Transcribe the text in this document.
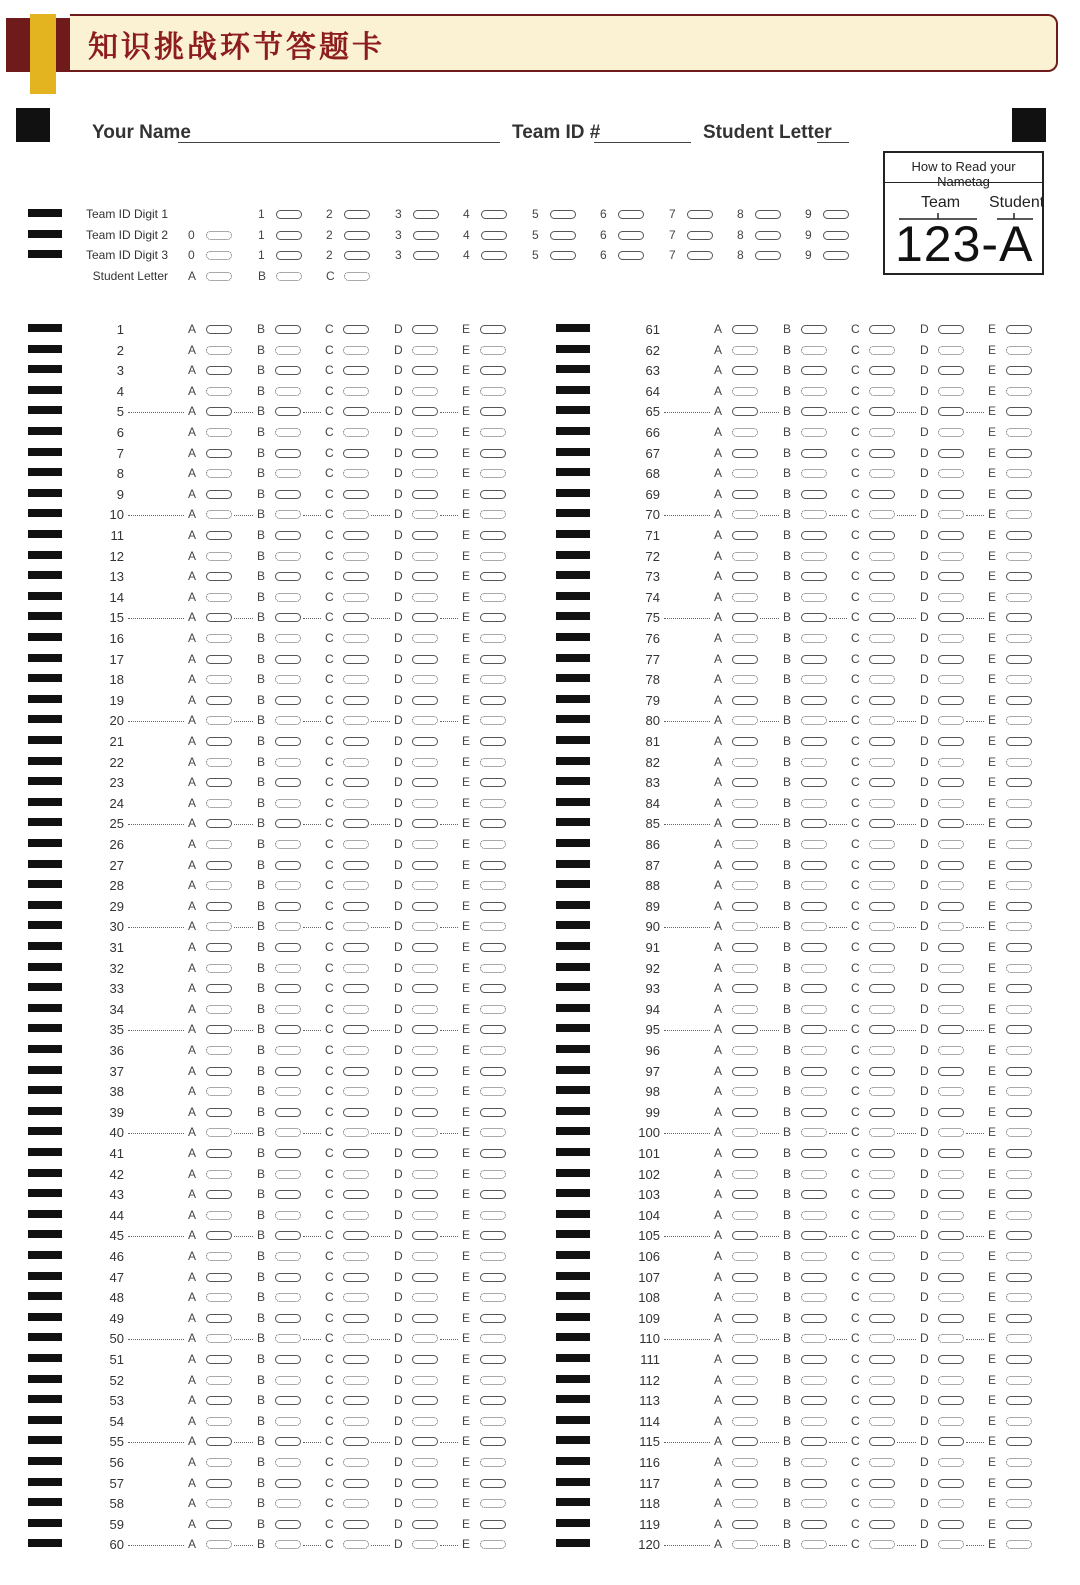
知识挑战环节答题卡
Your Name	Team ID #	Student Letter
How to Read your Nametag
Team Student
123-A
Team ID Digit 1	1	2	3	4	5	6	7	8	9
Team ID Digit 2 0	1	2	3	4	5	6	7	8	9
Team ID Digit 3 0	1	2	3	4	5	6	7	8	9
Student Letter A	B	C
1	A	B	C	D	E
2	A	B	C	D	E
3	A	B	C	D	E
4	A	B	C	D	E
5	A	B	C	D	E
6	A	B	C	D	E
7	A	B	C	D	E
8	A	B	C	D	E
9	A	B	C	D	E
10	A	B	C	D	E
11	A	B	C	D	E
12	A	B	C	D	E
13	A	B	C	D	E
14	A	B	C	D	E
15	A	B	C	D	E
16	A	B	C	D	E
17	A	B	C	D	E
18	A	B	C	D	E
19	A	B	C	D	E
20	A	B	C	D	E
21	A	B	C	D	E
22	A	B	C	D	E
23	A	B	C	D	E
24	A	B	C	D	E
25	A	B	C	D	E
26	A	B	C	D	E
27	A	B	C	D	E
28	A	B	C	D	E
29	A	B	C	D	E
30	A	B	C	D	E
31	A	B	C	D	E
32	A	B	C	D	E
33	A	B	C	D	E
34	A	B	C	D	E
35	A	B	C	D	E
36	A	B	C	D	E
37	A	B	C	D	E
38	A	B	C	D	E
39	A	B	C	D	E
40	A	B	C	D	E
41	A	B	C	D	E
42	A	B	C	D	E
43	A	B	C	D	E
44	A	B	C	D	E
45	A	B	C	D	E
46	A	B	C	D	E
47	A	B	C	D	E
48	A	B	C	D	E
49	A	B	C	D	E
50	A	B	C	D	E
51	A	B	C	D	E
52	A	B	C	D	E
53	A	B	C	D	E
54	A	B	C	D	E
55	A	B	C	D	E
56	A	B	C	D	E
57	A	B	C	D	E
58	A	B	C	D	E
59	A	B	C	D	E
60	A	B	C	D	E
61	A	B	C	D	E
62	A	B	C	D	E
63	A	B	C	D	E
64	A	B	C	D	E
65	A	B	C	D	E
66	A	B	C	D	E
67	A	B	C	D	E
68	A	B	C	D	E
69	A	B	C	D	E
70	A	B	C	D	E
71	A	B	C	D	E
72	A	B	C	D	E
73	A	B	C	D	E
74	A	B	C	D	E
75	A	B	C	D	E
76	A	B	C	D	E
77	A	B	C	D	E
78	A	B	C	D	E
79	A	B	C	D	E
80	A	B	C	D	E
81	A	B	C	D	E
82	A	B	C	D	E
83	A	B	C	D	E
84	A	B	C	D	E
85	A	B	C	D	E
86	A	B	C	D	E
87	A	B	C	D	E
88	A	B	C	D	E
89	A	B	C	D	E
90	A	B	C	D	E
91	A	B	C	D	E
92	A	B	C	D	E
93	A	B	C	D	E
94	A	B	C	D	E
95	A	B	C	D	E
96	A	B	C	D	E
97	A	B	C	D	E
98	A	B	C	D	E
99	A	B	C	D	E
100	A	B	C	D	E
101	A	B	C	D	E
102	A	B	C	D	E
103	A	B	C	D	E
104	A	B	C	D	E
105	A	B	C	D	E
106	A	B	C	D	E
107	A	B	C	D	E
108	A	B	C	D	E
109	A	B	C	D	E
110	A	B	C	D	E
111	A	B	C	D	E
112	A	B	C	D	E
113	A	B	C	D	E
114	A	B	C	D	E
115	A	B	C	D	E
116	A	B	C	D	E
117	A	B	C	D	E
118	A	B	C	D	E
119	A	B	C	D	E
120	A	B	C	D	E
